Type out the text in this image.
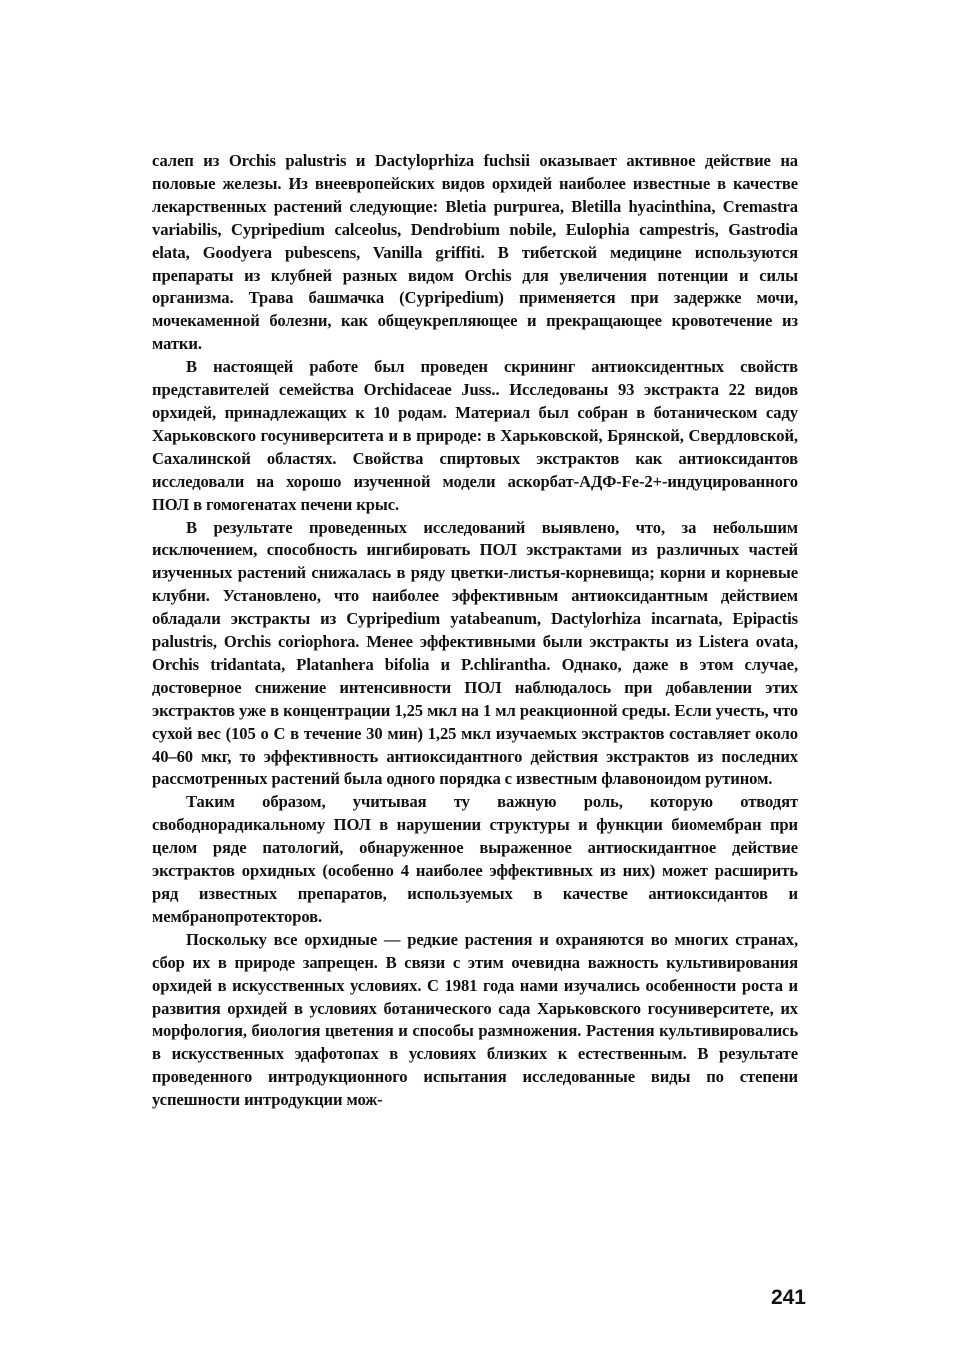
салеп из Orchis palustris и Dactyloprhiza fuchsii оказывает активное действие на половые железы. Из внеевропейских видов орхидей наиболее известные в качестве лекарственных растений следующие: Bletia purpurea, Bletilla hyacinthina, Cremastra variabilis, Cypripedium calceolus, Dendrobium nobile, Eulophia campestris, Gastrodia elata, Goodyera pubescens, Vanilla griffiti. В тибетской медицине используются препараты из клубней разных видом Orchis для увеличения потенции и силы организма. Трава башмачка (Cypripedium) применяется при задержке мочи, мочекаменной болезни, как общеукрепляющее и прекращающее кровотечение из матки.

В настоящей работе был проведен скрининг антиоксидентных свойств представителей семейства Orchidaceae Juss.. Исследованы 93 экстракта 22 видов орхидей, принадлежащих к 10 родам. Материал был собран в ботаническом саду Харьковского госуниверситета и в природе: в Харьковской, Брянской, Свердловской, Сахалинской областях. Свойства спиртовых экстрактов как антиоксидантов исследовали на хорошо изученной модели аскорбат-АДФ-Fe-2+-индуцированного ПОЛ в гомогенатах печени крыс.

В результате проведенных исследований выявлено, что, за небольшим исключением, способность ингибировать ПОЛ экстрактами из различных частей изученных растений снижалась в ряду цветки-листья-корневища; корни и корневые клубни. Установлено, что наиболее эффективным антиоксидантным действием обладали экстракты из Cypripedium yatabeanum, Dactylorhiza incarnata, Epipactis palustris, Orchis coriophora. Менее эффективными были экстракты из Listera ovata, Orchis tridantata, Platanhera bifolia и P.chlirantha. Однако, даже в этом случае, достоверное снижение интенсивности ПОЛ наблюдалось при добавлении этих экстрактов уже в концентрации 1,25 мкл на 1 мл реакционной среды. Если учесть, что сухой вес (105 о С в течение 30 мин) 1,25 мкл изучаемых экстрактов составляет около 40–60 мкг, то эффективность антиоксидантного действия экстрактов из последних рассмотренных растений была одного порядка с известным флавоноидом рутином.

Таким образом, учитывая ту важную роль, которую отводят свободнорадикальному ПОЛ в нарушении структуры и функции биомембран при целом ряде патологий, обнаруженное выраженное антиоскидантное действие экстрактов орхидных (особенно 4 наиболее эффективных из них) может расширить ряд известных препаратов, используемых в качестве антиоксидантов и мембранопротекторов.

Поскольку все орхидные — редкие растения и охраняются во многих странах, сбор их в природе запрещен. В связи с этим очевидна важность культивирования орхидей в искусственных условиях. С 1981 года нами изучались особенности роста и развития орхидей в условиях ботанического сада Харьковского госуниверситете, их морфология, биология цветения и способы размножения. Растения культивировались в искусственных эдафотопах в условиях близких к естественным. В результате проведенного интродукционного испытания исследованные виды по степени успешности интродукции мож-

241
